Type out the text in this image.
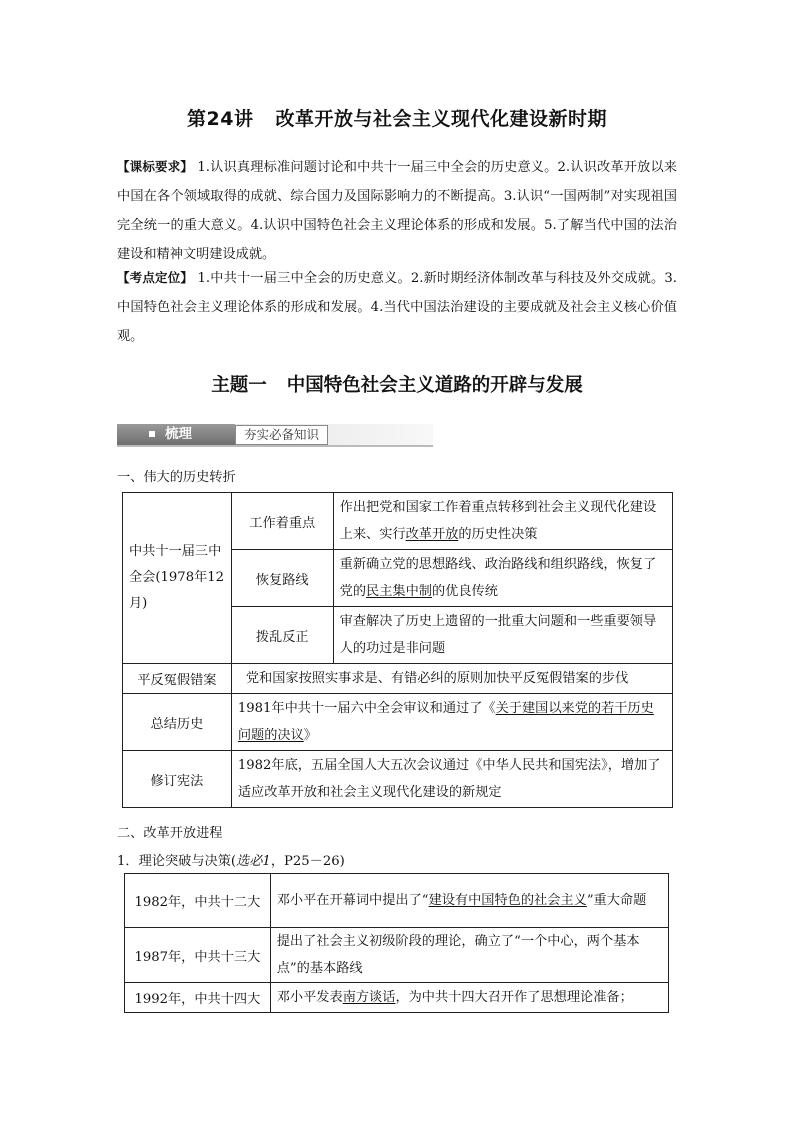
第24讲 改革开放与社会主义现代化建设新时期
【课标要求】 1.认识真理标准问题讨论和中共十一届三中全会的历史意义。2.认识改革开放以来中国在各个领域取得的成就、综合国力及国际影响力的不断提高。3.认识“一国两制”对实现祖国完全统一的重大意义。4.认识中国特色社会主义理论体系的形成和发展。5.了解当代中国的法治建设和精神文明建设成就。
【考点定位】 1.中共十一届三中全会的历史意义。2.新时期经济体制改革与科技及外交成就。3.中国特色社会主义理论体系的形成和发展。4.当代中国法治建设的主要成就及社会主义核心价值观。
主题一 中国特色社会主义道路的开辟与发展
梳理	夯实必备知识
一、伟大的历史转折
中共十一届三中全会(1978年12月)	工作着重点	作出把党和国家工作着重点转移到社会主义现代化建设上来、实行改革开放的历史性决策
	恢复路线	重新确立党的思想路线、政治路线和组织路线，恢复了党的民主集中制的优良传统
	拨乱反正	审查解决了历史上遗留的一批重大问题和一些重要领导人的功过是非问题
平反冤假错案	党和国家按照实事求是、有错必纠的原则加快平反冤假错案的步伐	
总结历史	1981年中共十一届六中全会审议和通过了《关于建国以来党的若干历史问题的决议》	
修订宪法	1982年底，五届全国人大五次会议通过《中华人民共和国宪法》，增加了适应改革开放和社会主义现代化建设的新规定	
二、改革开放进程
1．理论突破与决策(选必1，P25－26)
1982年，中共十二大	邓小平在开幕词中提出了“建设有中国特色的社会主义”重大命题
1987年，中共十三大	提出了社会主义初级阶段的理论，确立了“一个中心，两个基本点”的基本路线
1992年，中共十四大	邓小平发表南方谈话，为中共十四大召开作了思想理论准备；
